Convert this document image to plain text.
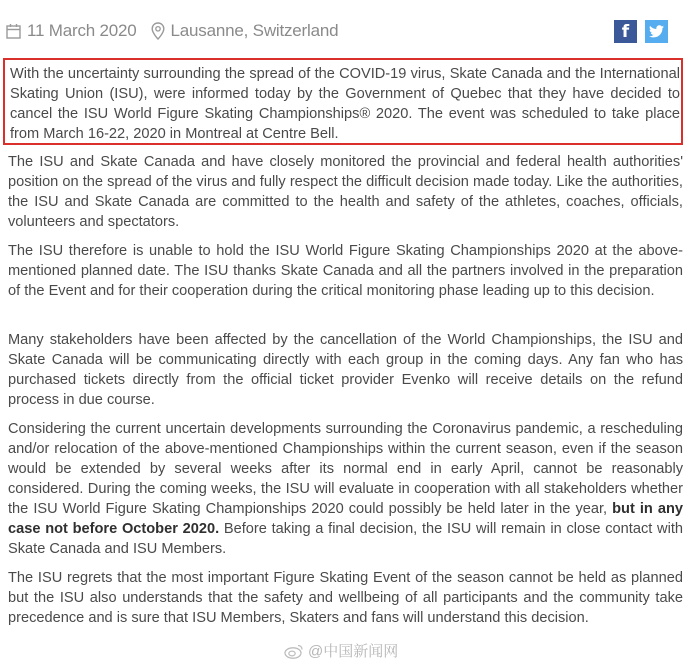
11 March 2020 Lausanne, Switzerland	f

With the uncertainty surrounding the spread of the COVID-19 virus, Skate Canada and the International Skating Union (ISU), were informed today by the Government of Quebec that they have decided to cancel the ISU World Figure Skating Championships® 2020. The event was scheduled to take place from March 16-22, 2020 in Montreal at Centre Bell.

The ISU and Skate Canada and have closely monitored the provincial and federal health authorities' position on the spread of the virus and fully respect the difficult decision made today. Like the authorities, the ISU and Skate Canada are committed to the health and safety of the athletes, coaches, officials, volunteers and spectators.

The ISU therefore is unable to hold the ISU World Figure Skating Championships 2020 at the above-mentioned planned date. The ISU thanks Skate Canada and all the partners involved in the preparation of the Event and for their cooperation during the critical monitoring phase leading up to this decision.

Many stakeholders have been affected by the cancellation of the World Championships, the ISU and Skate Canada will be communicating directly with each group in the coming days. Any fan who has purchased tickets directly from the official ticket provider Evenko will receive details on the refund process in due course.

Considering the current uncertain developments surrounding the Coronavirus pandemic, a rescheduling and/or relocation of the above-mentioned Championships within the current season, even if the season would be extended by several weeks after its normal end in early April, cannot be reasonably considered. During the coming weeks, the ISU will evaluate in cooperation with all stakeholders whether the ISU World Figure Skating Championships 2020 could possibly be held later in the year, but in any case not before October 2020. Before taking a final decision, the ISU will remain in close contact with Skate Canada and ISU Members.

The ISU regrets that the most important Figure Skating Event of the season cannot be held as planned but the ISU also understands that the safety and wellbeing of all participants and the community take precedence and is sure that ISU Members, Skaters and fans will understand this decision.

@中国新闻网
